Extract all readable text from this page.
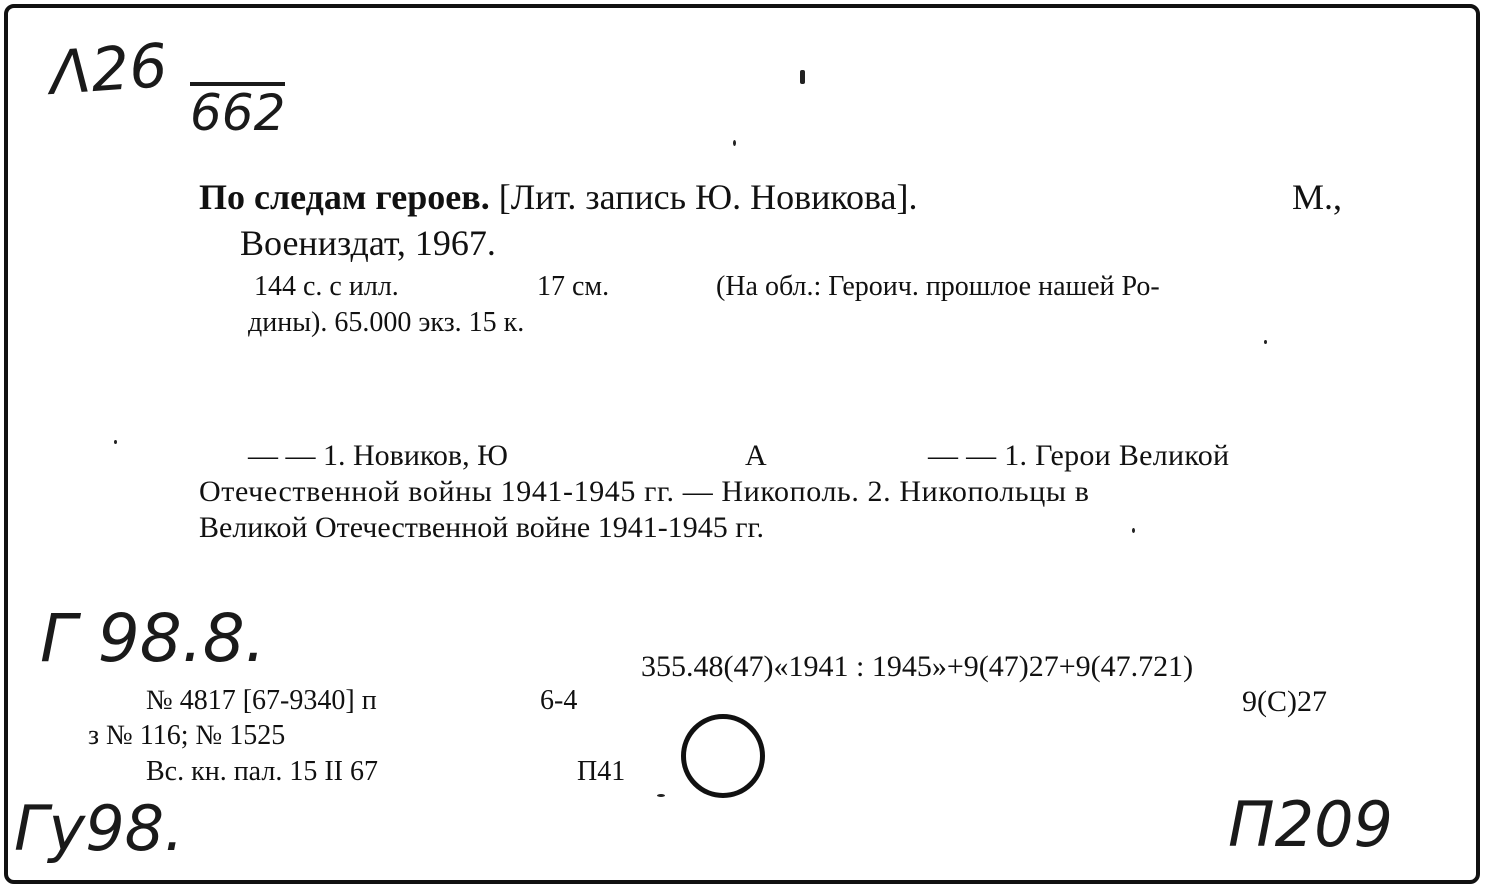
Λ26
662
Г 98.8.
Гу98.	П209
По следам героев. [Лит. запись Ю. Новикова].	М.,
Воениздат, 1967.
144 с. с илл.	17 см.	(На обл.: Героич. прошлое нашей Ро-
дины). 65.000 экз. 15 к.
— — 1. Новиков, Ю	А	— — 1. Герои Великой
Отечественной войны 1941-1945 гг. — Никополь. 2. Никопольцы в
Великой Отечественной войне 1941-1945 гг.
355.48(47)«1941 : 1945»+9(47)27+9(47.721)
9(С)27
№ 4817 [67-9340] п	6-4
з № 116; № 1525
Вс. кн. пал. 15 II 67	П41
